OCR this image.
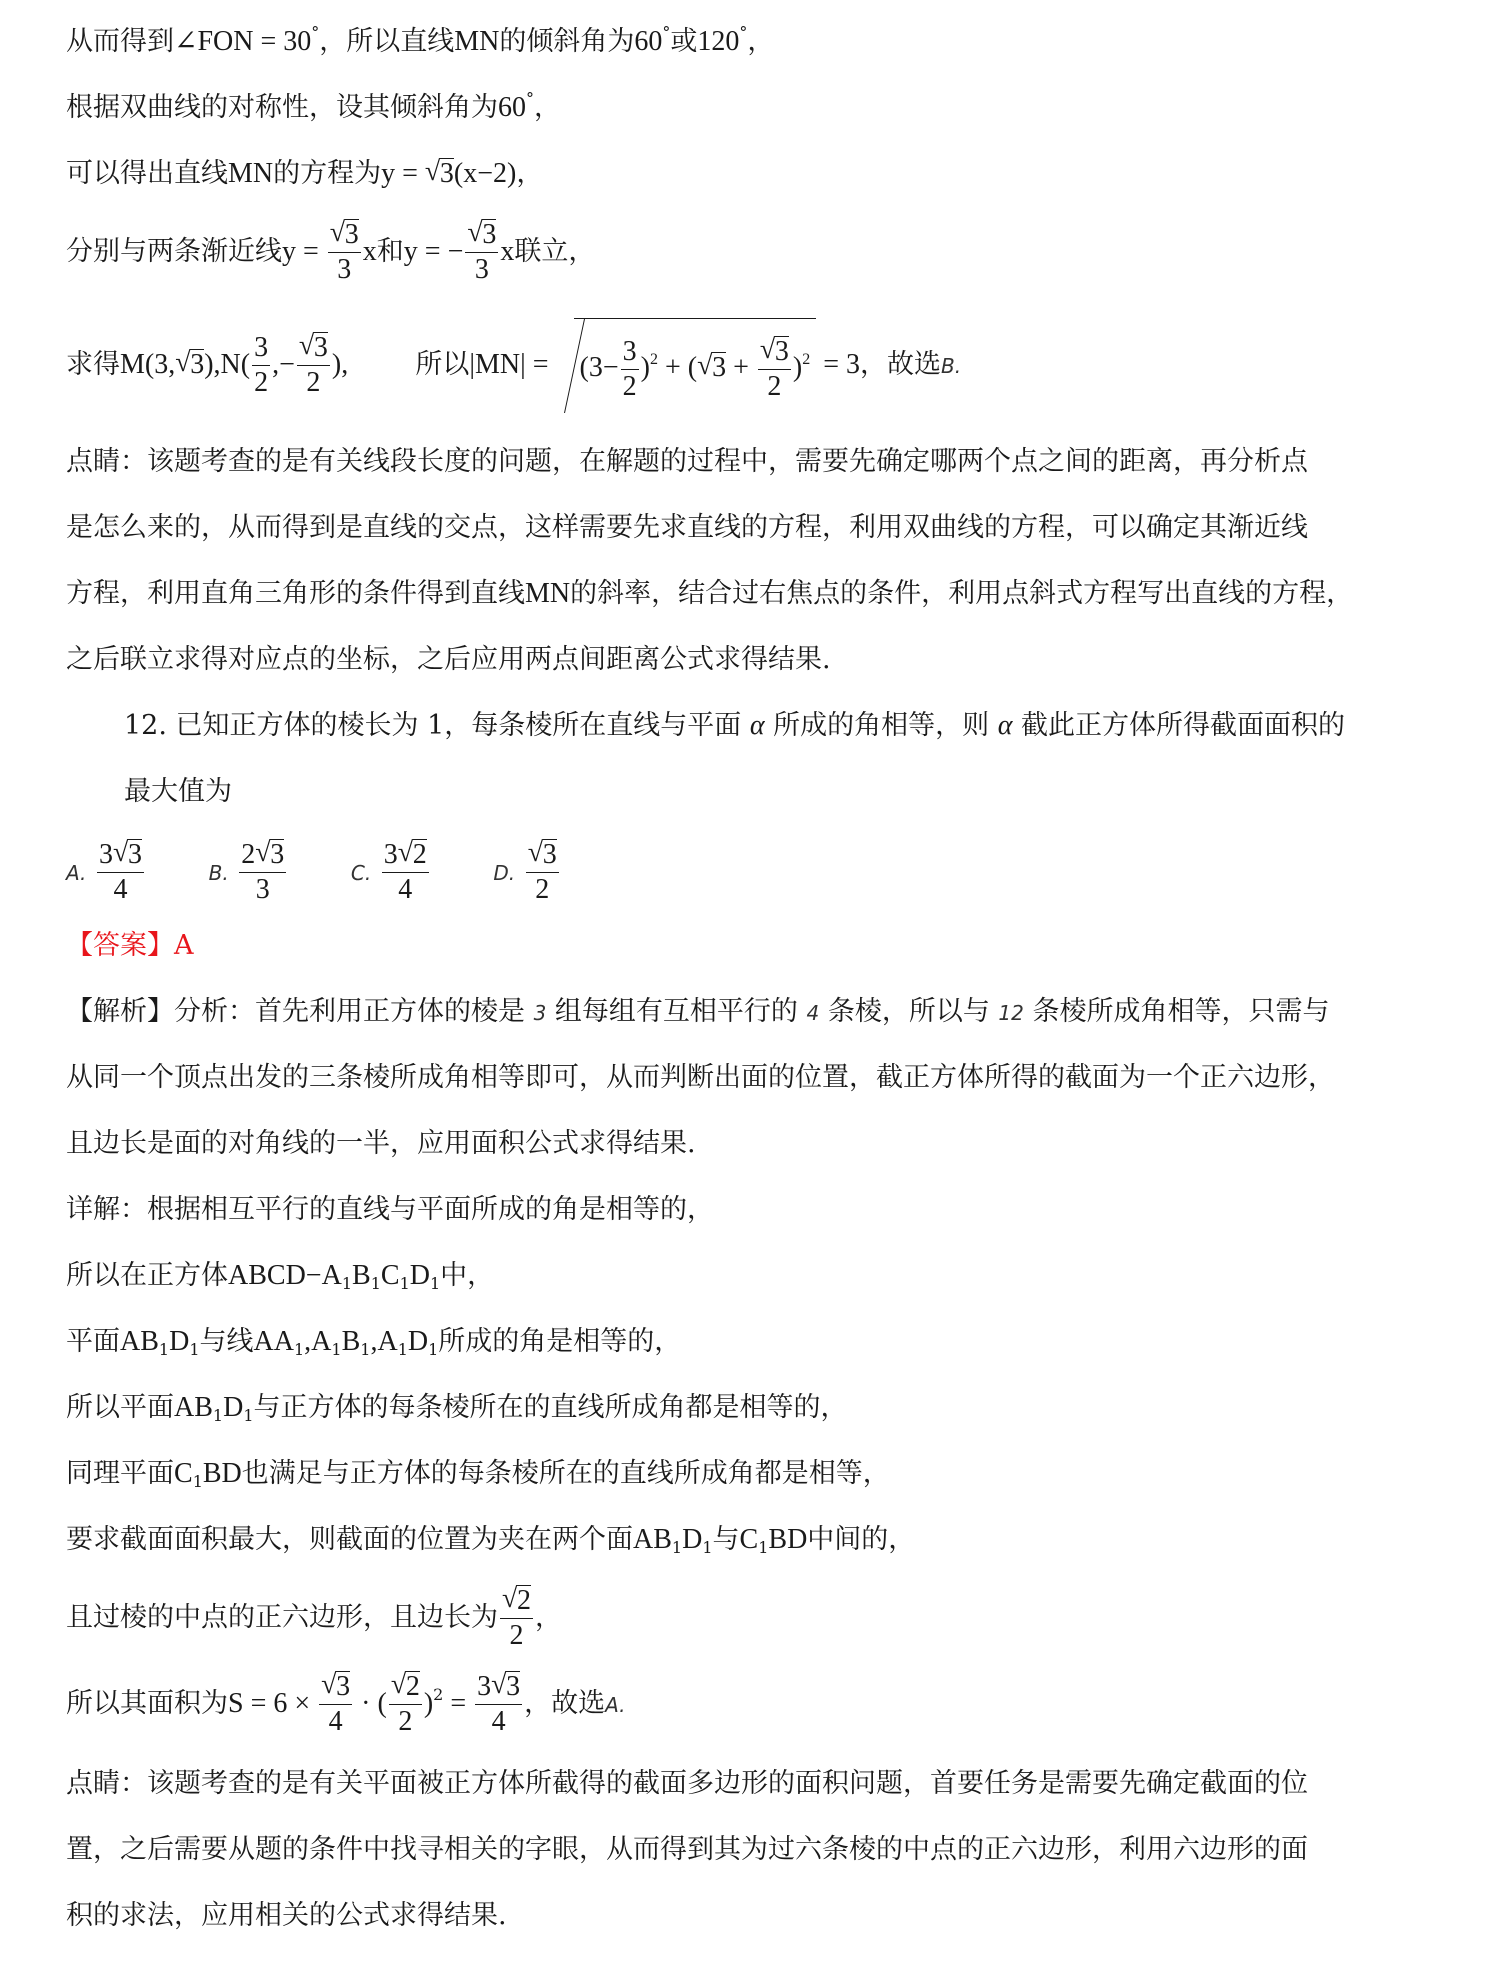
从而得到∠FON = 30°，所以直线MN的倾斜角为60°或120°，
根据双曲线的对称性，设其倾斜角为60°，
可以得出直线MN的方程为y = √ 3(x−2)，
分别与两条渐近线y = √ $\frac{3}{3}$ x和y = − √ $\frac{3}{3}$ x联立，
求得M(3, √ $3),N( \frac{3}{2}$ ,− √ $\frac{3}{2}$ ), 所以$|MN| = (3- \frac{3}{2} )^2$ + ( √ 3 + √ $\frac{3}{2} )^2 = 3$，故选B.
点睛：该题考查的是有关线段长度的问题，在解题的过程中，需要先确定哪两个点之间的距离，再分析点
是怎么来的，从而得到是直线的交点，这样需要先求直线的方程，利用双曲线的方程，可以确定其渐近线
方程，利用直角三角形的条件得到直线MN的斜率，结合过右焦点的条件，利用点斜式方程写出直线的方程，
之后联立求得对应点的坐标，之后应用两点间距离公式求得结果.
12. 已知正方体的棱长为 1，每条棱所在直线与平面 α 所成的角相等，则 α 截此正方体所得截面面积的
最大值为
A. $\frac{3 √ 3}{4}$	B. $\frac{2 √ 3}{3}$	C. $\frac{3 √ 2}{4}$	D. √ $\frac{3}{2}$
【答案】A
【解析】分析：首先利用正方体的棱是 3 组每组有互相平行的 4 条棱，所以与 12 条棱所成角相等，只需与
从同一个顶点出发的三条棱所成角相等即可，从而判断出面的位置，截正方体所得的截面为一个正六边形，
且边长是面的对角线的一半，应用面积公式求得结果.
详解：根据相互平行的直线与平面所成的角是相等的，
所以在正方体$ABCD-A_1B_1C_1D_1$中，
平面$AB_1D_1$与线$AA_1,A_1B_1,A_1D_1$所成的角是相等的，
所以平面$AB_1D_1$与正方体的每条棱所在的直线所成角都是相等的，
同理平面$C_1BD$也满足与正方体的每条棱所在的直线所成角都是相等，
要求截面面积最大，则截面的位置为夹在两个面$AB_1D_1$与$C_1BD$中间的，
且过棱的中点的正六边形，且边长为 √ $\frac{2}{2}$ ，
所以其面积为S = 6 × √ $\frac{3}{4}$ · ( √ $\frac{2}{2} )^2 = \frac{3 √ 3}{4}$ ，故选A.
点睛：该题考查的是有关平面被正方体所截得的截面多边形的面积问题，首要任务是需要先确定截面的位
置，之后需要从题的条件中找寻相关的字眼，从而得到其为过六条棱的中点的正六边形，利用六边形的面
积的求法，应用相关的公式求得结果.
